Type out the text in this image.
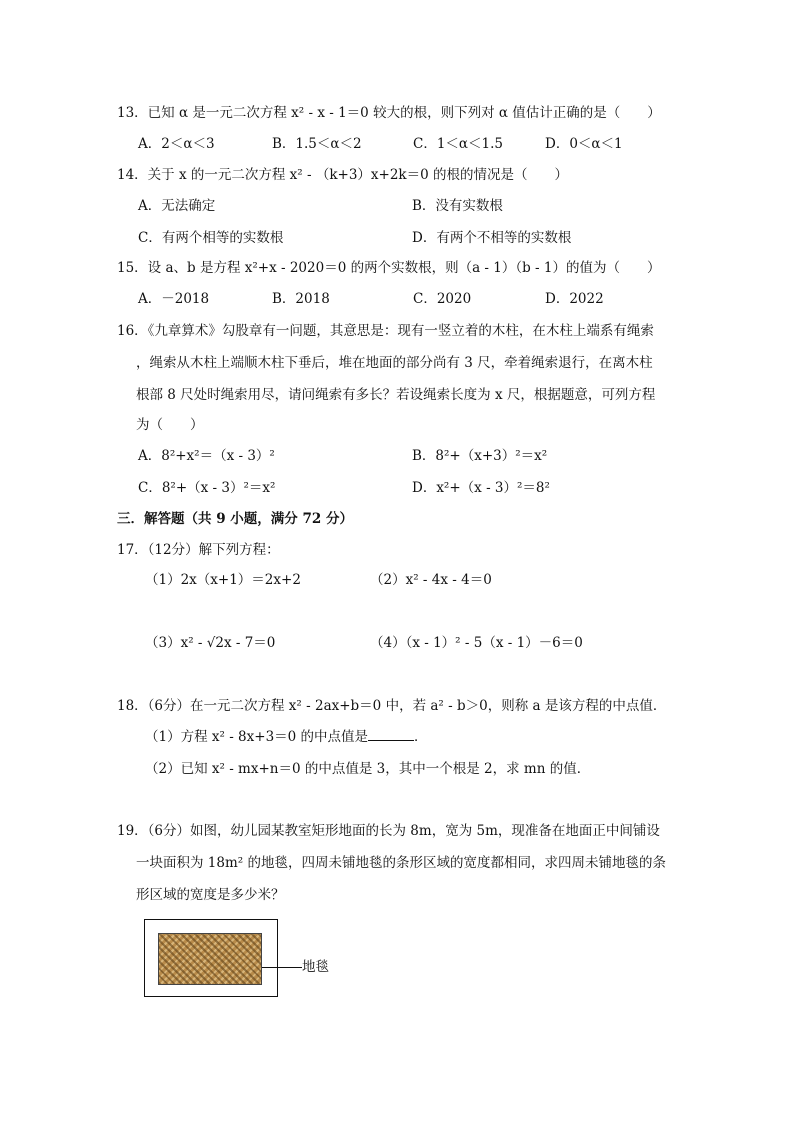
13．已知 α 是一元二次方程 x² - x - 1＝0 较大的根，则下列对 α 值估计正确的是（　　）
A．2＜α＜3	B．1.5＜α＜2	C．1＜α＜1.5	D．0＜α＜1
14．关于 x 的一元二次方程 x² - （k+3）x+2k＝0 的根的情况是（　　）
A．无法确定	B．没有实数根
C．有两个相等的实数根	D．有两个不相等的实数根
15．设 a、b 是方程 x²+x - 2020＝0 的两个实数根，则（a - 1）（b - 1）的值为（　　）
A．－2018	B．2018	C．2020	D．2022
16．《九章算术》勾股章有一问题，其意思是：现有一竖立着的木柱，在木柱上端系有绳索
，绳索从木柱上端顺木柱下垂后，堆在地面的部分尚有 3 尺，牵着绳索退行，在离木柱
根部 8 尺处时绳索用尽，请问绳索有多长？若设绳索长度为 x 尺，根据题意，可列方程
为（　　）
A．8²+x²＝（x - 3）²	B．8²+（x+3）²＝x²
C．8²+（x - 3）²＝x²	D．x²+（x - 3）²＝8²
三．解答题（共 9 小题，满分 72 分）
17．（12分）解下列方程：
（1）2x（x+1）＝2x+2	（2）x² - 4x - 4＝0
（3）x² - √2x - 7＝0	（4）（x - 1）² - 5（x - 1）－6＝0
18．（6分）在一元二次方程 x² - 2ax+b＝0 中，若 a² - b＞0，则称 a 是该方程的中点值．
（1）方程 x² - 8x+3＝0 的中点值是	．
（2）已知 x² - mx+n＝0 的中点值是 3，其中一个根是 2，求 mn 的值．
19．（6分）如图，幼儿园某教室矩形地面的长为 8m，宽为 5m，现准备在地面正中间铺设
一块面积为 18m² 的地毯，四周未铺地毯的条形区域的宽度都相同，求四周未铺地毯的条
形区域的宽度是多少米？
地毯
